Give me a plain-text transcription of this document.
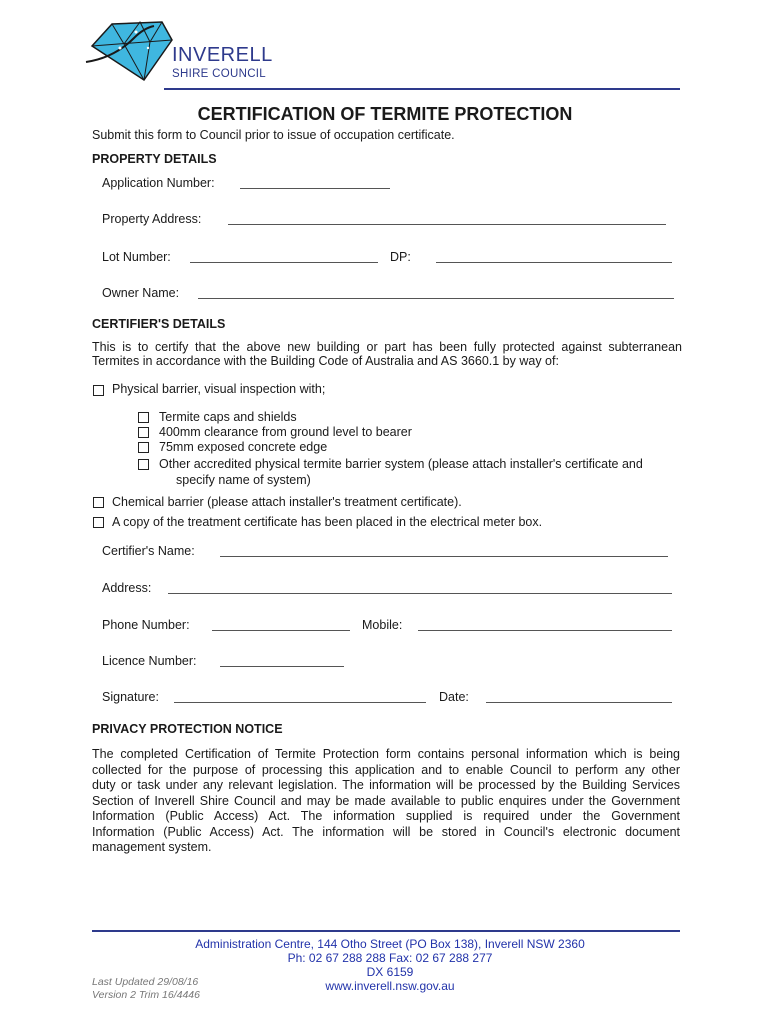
INVERELL
SHIRE COUNCIL
CERTIFICATION OF TERMITE PROTECTION
Submit this form to Council prior to issue of occupation certificate.
PROPERTY DETAILS
Application Number:
Property Address:
Lot Number:	DP:
Owner Name:
CERTIFIER'S DETAILS
This is to certify that the above new building or part has been fully protected against subterranean
Termites in accordance with the Building Code of Australia and AS 3660.1 by way of:
Physical barrier, visual inspection with;
Termite caps and shields
400mm clearance from ground level to bearer
75mm exposed concrete edge
Other accredited physical termite barrier system (please attach installer's certificate and
specify name of system)
Chemical barrier (please attach installer's treatment certificate).
A copy of the treatment certificate has been placed in the electrical meter box.
Certifier's Name:
Address:
Phone Number:	Mobile:
Licence Number:
Signature:	Date:
PRIVACY PROTECTION NOTICE
The completed Certification of Termite Protection form contains personal information which is being
collected for the purpose of processing this application and to enable Council to perform any other
duty or task under any relevant legislation. The information will be processed by the Building Services
Section of Inverell Shire Council and may be made available to public enquires under the Government
Information (Public Access) Act. The information supplied is required under the Government
Information (Public Access) Act. The information will be stored in Council's electronic document
management system.
Administration Centre, 144 Otho Street (PO Box 138), Inverell NSW 2360
Ph: 02 67 288 288 Fax: 02 67 288 277
DX 6159
www.inverell.nsw.gov.au
Last Updated 29/08/16
Version 2 Trim 16/4446
